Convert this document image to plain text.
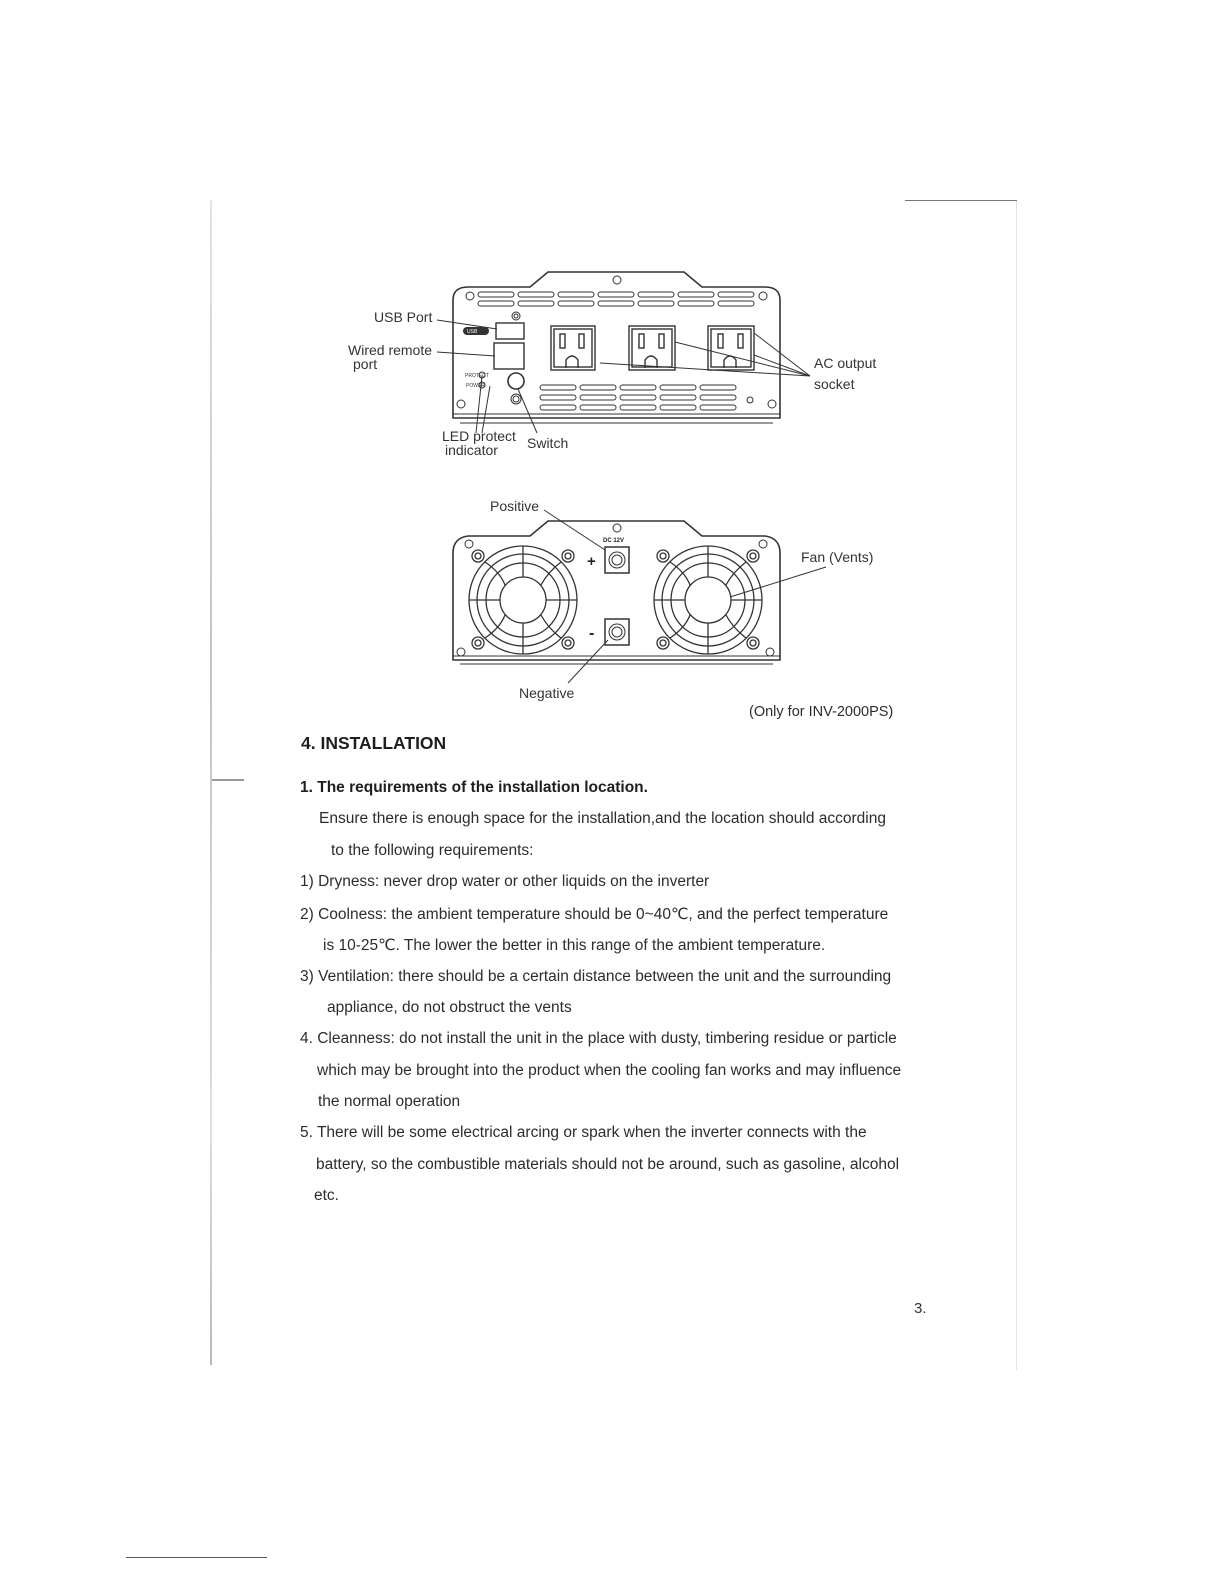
USB
PROTECT
POWER
USB Port
Wired remote
port
LED protect
indicator Switch
AC output
socket
DC 12V
+
-
Positive
Negative
Fan (Vents)
(Only for INV-2000PS)
4. INSTALLATION
1. The requirements of the installation location.
Ensure there is enough space for the installation,and the location should according
to the following requirements:
1) Dryness: never drop water or other liquids on the inverter
2) Coolness: the ambient temperature should be 0~40℃, and the perfect temperature
is 10-25℃. The lower the better in this range of the ambient temperature.
3) Ventilation: there should be a certain distance between the unit and the surrounding
appliance, do not obstruct the vents
4. Cleanness: do not install the unit in the place with dusty, timbering residue or particle
which may be brought into the product when the cooling fan works and may influence
the normal operation
5. There will be some electrical arcing or spark when the inverter connects with the
battery, so the combustible materials should not be around, such as gasoline, alcohol
etc.
3.
